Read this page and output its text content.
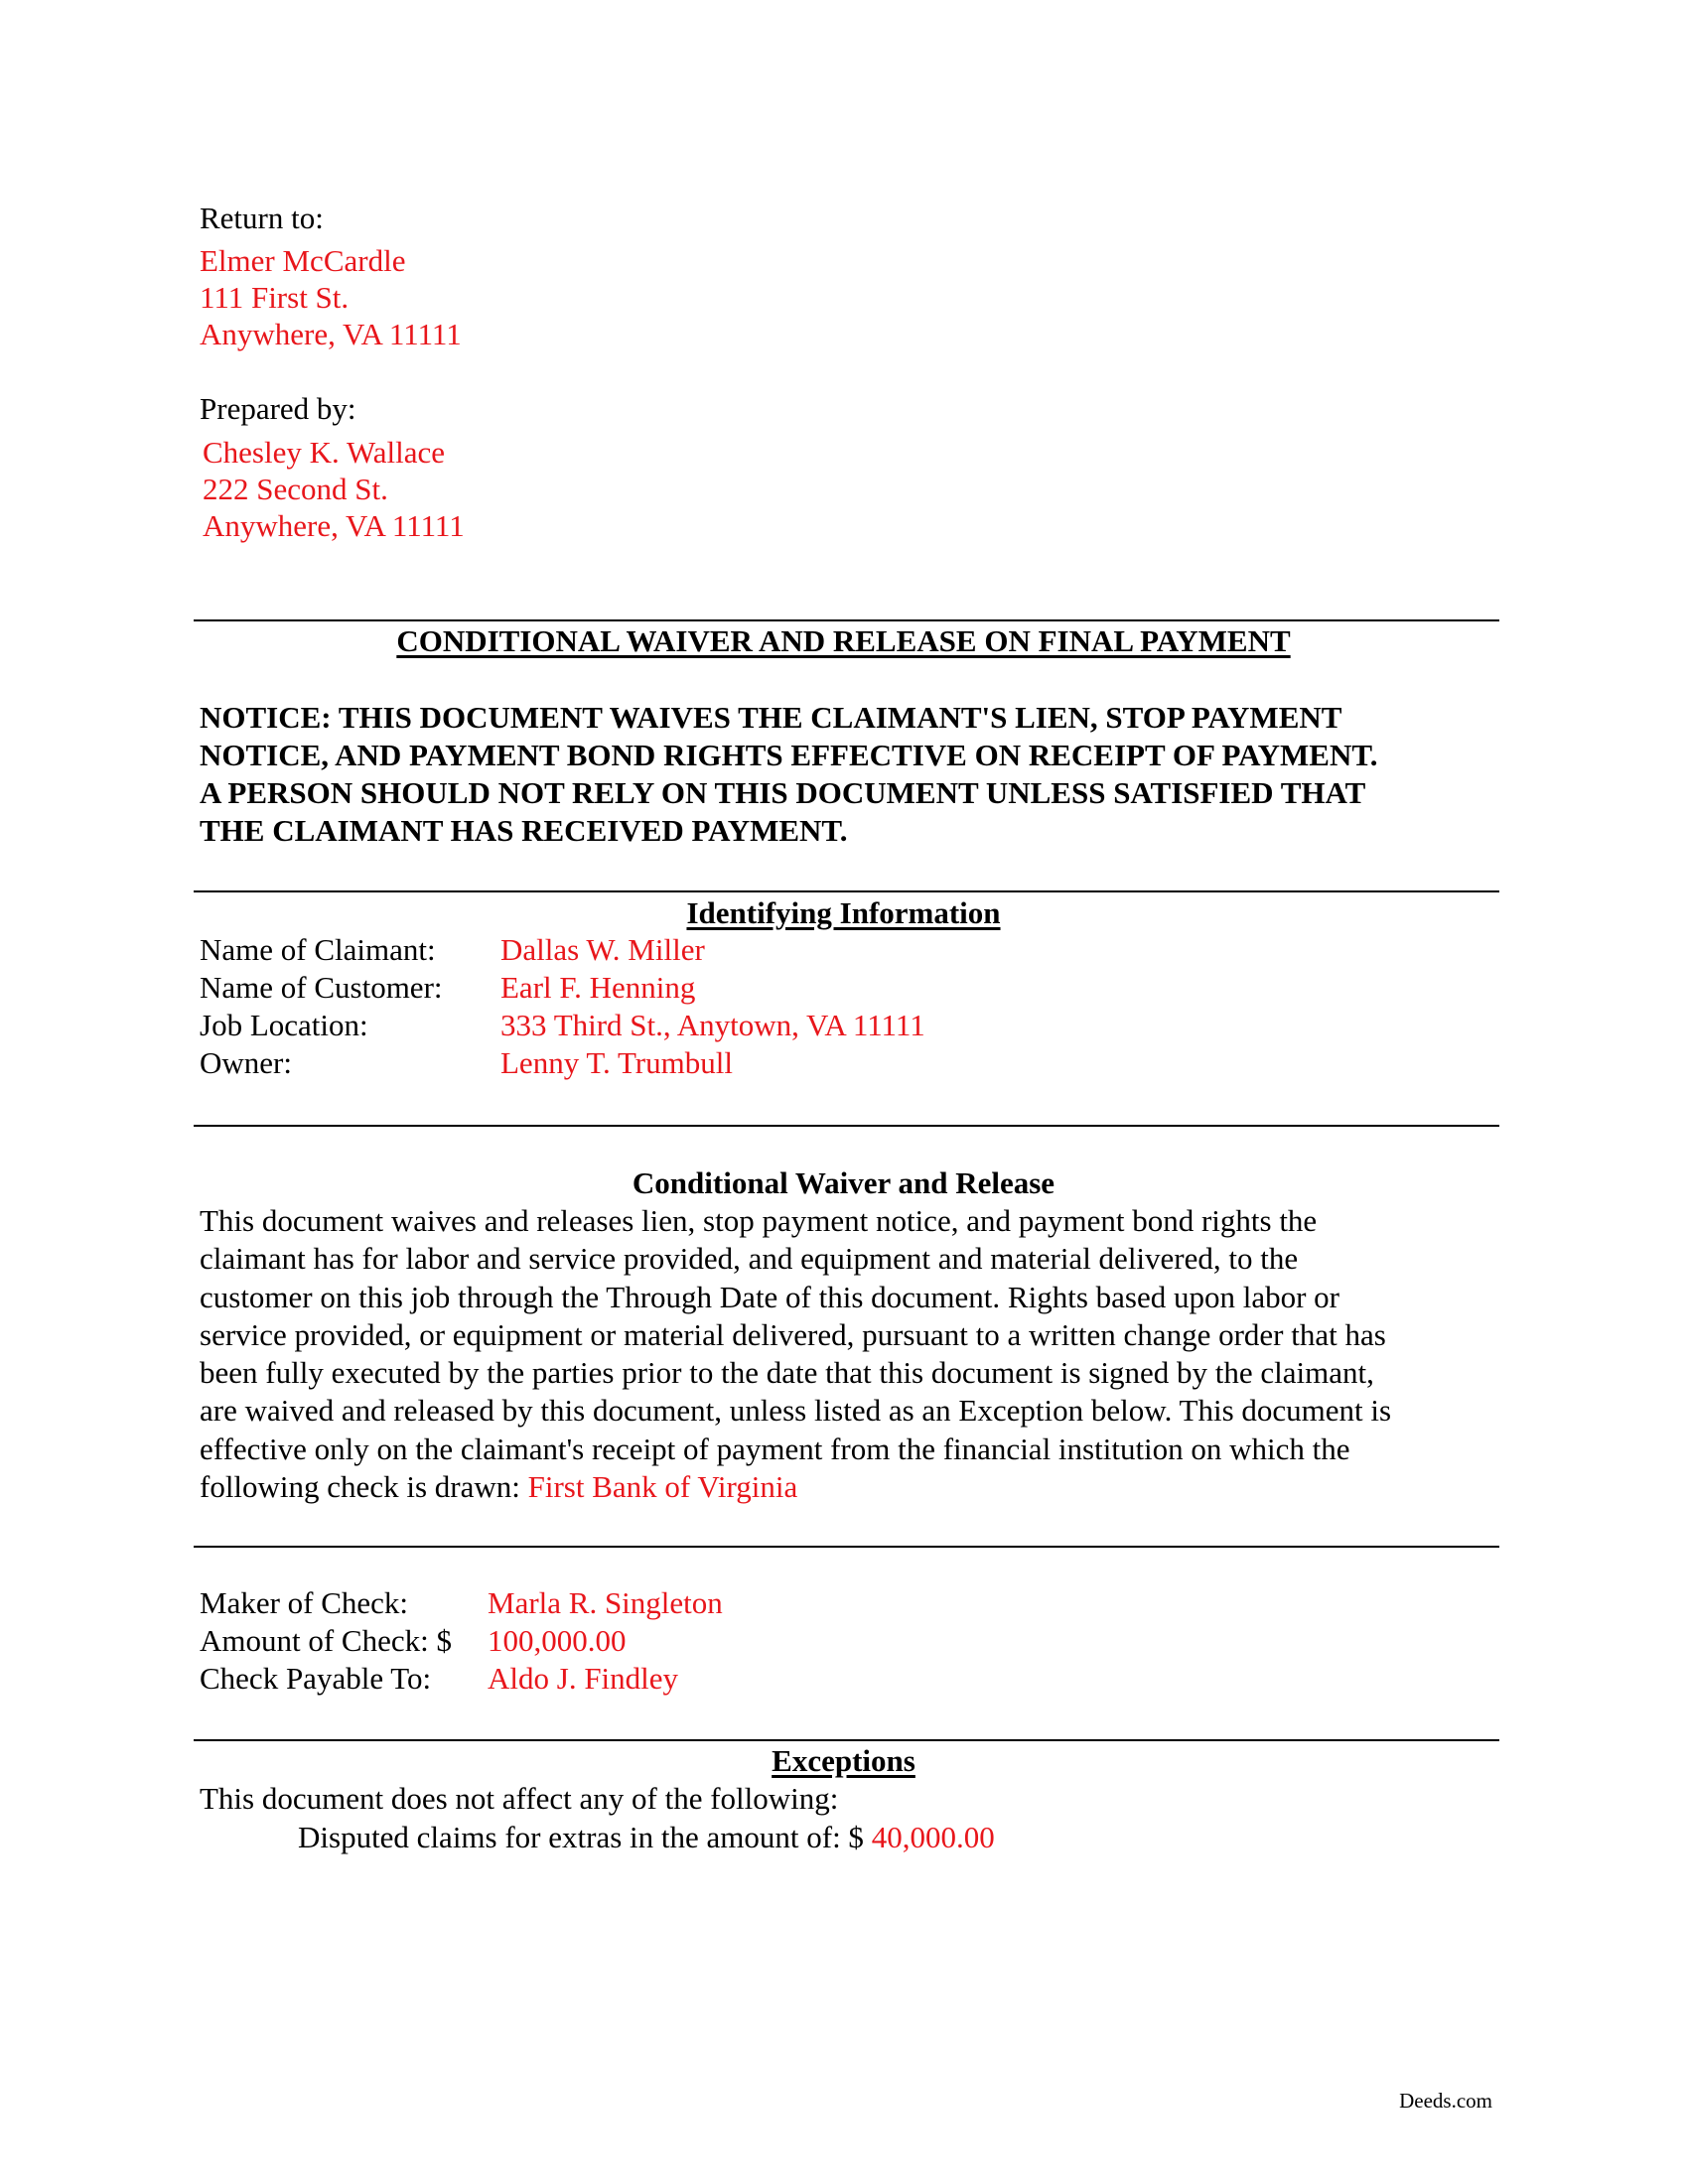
Return to:
Elmer McCardle
111 First St.
Anywhere, VA 11111
Prepared by:
Chesley K. Wallace
222 Second St.
Anywhere, VA 11111
CONDITIONAL WAIVER AND RELEASE ON FINAL PAYMENT
NOTICE: THIS DOCUMENT WAIVES THE CLAIMANT'S LIEN, STOP PAYMENT
NOTICE, AND PAYMENT BOND RIGHTS EFFECTIVE ON RECEIPT OF PAYMENT.
A PERSON SHOULD NOT RELY ON THIS DOCUMENT UNLESS SATISFIED THAT
THE CLAIMANT HAS RECEIVED PAYMENT.
Identifying Information
Name of Claimant: Dallas W. Miller
Name of Customer: Earl F. Henning
Job Location:	333 Third St., Anytown, VA 11111
Owner:	Lenny T. Trumbull
Conditional Waiver and Release
This document waives and releases lien, stop payment notice, and payment bond rights the
claimant has for labor and service provided, and equipment and material delivered, to the
customer on this job through the Through Date of this document. Rights based upon labor or
service provided, or equipment or material delivered, pursuant to a written change order that has
been fully executed by the parties prior to the date that this document is signed by the claimant,
are waived and released by this document, unless listed as an Exception below. This document is
effective only on the claimant's receipt of payment from the financial institution on which the
following check is drawn: First Bank of Virginia
Maker of Check:	Marla R. Singleton
Amount of Check: $ 100,000.00
Check Payable To: Aldo J. Findley
Exceptions
This document does not affect any of the following:
Disputed claims for extras in the amount of: $ 40,000.00
Deeds.com
